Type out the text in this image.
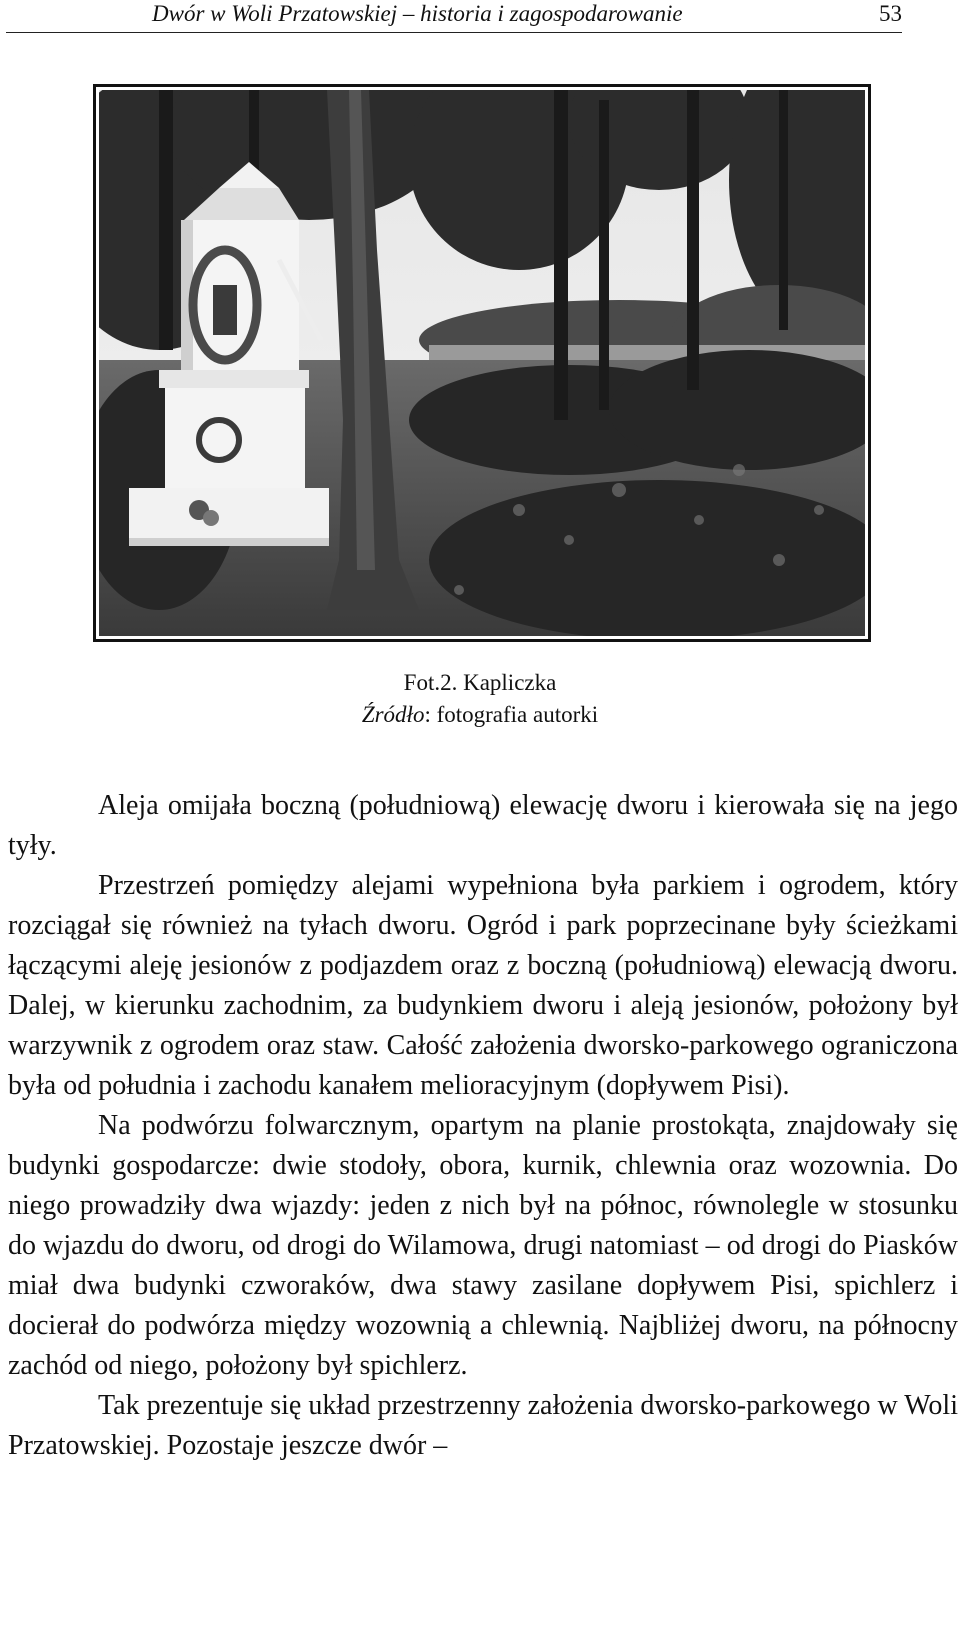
Dwór w Woli Przatowskiej – historia i zagospodarowanie	53
Fot.2. Kapliczka
Źródło: fotografia autorki

Aleja omijała boczną (południową) elewację dworu i kierowała się na jego tyły.

Przestrzeń pomiędzy alejami wypełniona była parkiem i ogrodem, który rozciągał się również na tyłach dworu. Ogród i park poprzecinane były ścieżkami łączącymi aleję jesionów z podjazdem oraz z boczną (południową) elewacją dworu. Dalej, w kierunku zachodnim, za budynkiem dworu i aleją jesionów, położony był warzywnik z ogrodem oraz staw. Całość założenia dworsko-parkowego ograniczona była od południa i zachodu kanałem melioracyjnym (dopływem Pisi).

Na podwórzu folwarcznym, opartym na planie prostokąta, znajdowały się budynki gospodarcze: dwie stodoły, obora, kurnik, chlewnia oraz wozownia. Do niego prowadziły dwa wjazdy: jeden z nich był na północ, równolegle w stosunku do wjazdu do dworu, od drogi do Wilamowa, drugi natomiast – od drogi do Piasków miał dwa budynki czworaków, dwa stawy zasilane dopływem Pisi, spichlerz i docierał do podwórza między wozownią a chlewnią. Najbliżej dworu, na północny zachód od niego, położony był spichlerz.

Tak prezentuje się układ przestrzenny założenia dworsko-parkowego w Woli Przatowskiej. Pozostaje jeszcze dwór –
